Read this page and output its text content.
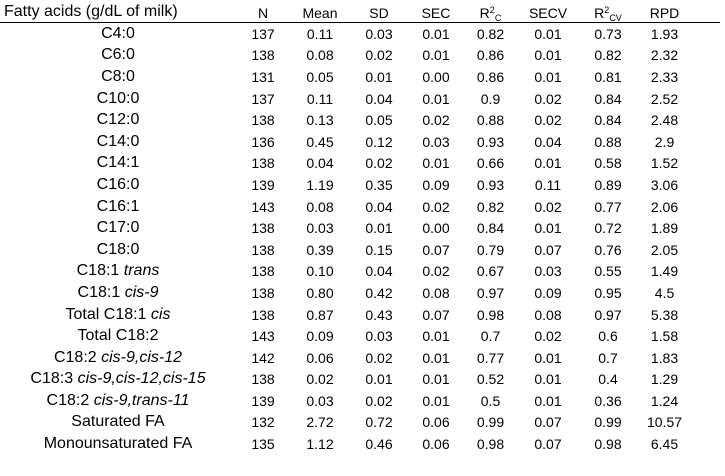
Fatty acids (g/dL of milk)	N	Mean	SD	SEC	$R^2_C$	SECV	$R^2_{CV}$	RPD	
C4:0	137	0.11	0.03	0.01	0.82	0.01	0.73	1.93	
C6:0	138	0.08	0.02	0.01	0.86	0.01	0.82	2.32	
C8:0	131	0.05	0.01	0.00	0.86	0.01	0.81	2.33	
C10:0	137	0.11	0.04	0.01	0.9	0.02	0.84	2.52	
C12:0	138	0.13	0.05	0.02	0.88	0.02	0.84	2.48	
C14:0	136	0.45	0.12	0.03	0.93	0.04	0.88	2.9	
C14:1	138	0.04	0.02	0.01	0.66	0.01	0.58	1.52	
C16:0	139	1.19	0.35	0.09	0.93	0.11	0.89	3.06	
C16:1	143	0.08	0.04	0.02	0.82	0.02	0.77	2.06	
C17:0	138	0.03	0.01	0.00	0.84	0.01	0.72	1.89	
C18:0	138	0.39	0.15	0.07	0.79	0.07	0.76	2.05	
C18:1 trans	138	0.10	0.04	0.02	0.67	0.03	0.55	1.49	
C18:1 cis-9	138	0.80	0.42	0.08	0.97	0.09	0.95	4.5	
Total C18:1 cis	138	0.87	0.43	0.07	0.98	0.08	0.97	5.38	
Total C18:2	143	0.09	0.03	0.01	0.7	0.02	0.6	1.58	
C18:2 cis-9,cis-12	142	0.06	0.02	0.01	0.77	0.01	0.7	1.83	
C18:3 cis-9,cis-12,cis-15	138	0.02	0.01	0.01	0.52	0.01	0.4	1.29	
C18:2 cis-9,trans-11	139	0.03	0.02	0.01	0.5	0.01	0.36	1.24	
Saturated FA	132	2.72	0.72	0.06	0.99	0.07	0.99	10.57	
Monounsaturated FA	135	1.12	0.46	0.06	0.98	0.07	0.98	6.45	
